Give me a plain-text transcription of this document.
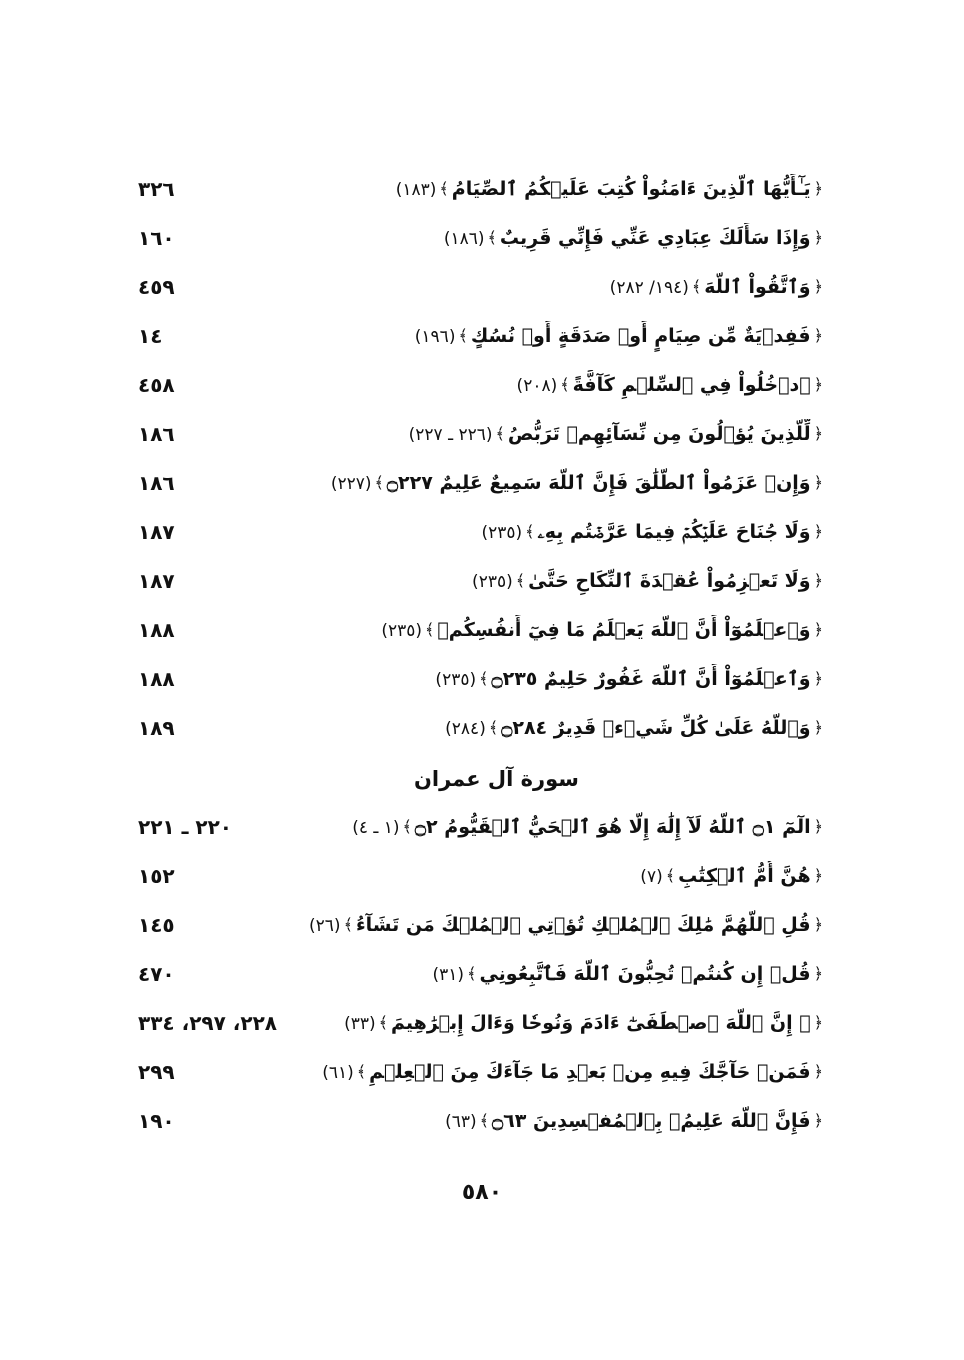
﴿يَـٰٓأَيُّهَا ٱلَّذِينَ ءَامَنُواْ كُتِبَ عَلَيۡكُمُ ٱلصِّيَامُ﴾(١٨٣)
٣٢٦
﴿وَإِذَا سَأَلَكَ عِبَادِي عَنِّي فَإِنِّي قَرِيبٌ﴾(١٨٦)
١٦٠
﴿وَٱتَّقُواْ ٱللَّهَ﴾(١٩٤/ ٢٨٢)
٤٥٩
﴿فَفِدۡيَةٌ مِّن صِيَامٍ أَوۡ صَدَقَةٍ أَوۡ نُسُكٍ﴾(١٩٦)
١٤
﴿ٱدۡخُلُواْ فِي ٱلسِّلۡمِ كَآفَّةً﴾(٢٠٨)
٤٥٨
﴿لِّلَّذِينَ يُؤۡلُونَ مِن نِّسَآئِهِمۡ تَرَبُّصُ﴾(٢٢٦ ـ ٢٢٧)
١٨٦
﴿وَإِنۡ عَزَمُواْ ٱلطَّلَٰقَ فَإِنَّ ٱللَّهَ سَمِيعٌ عَلِيمٌ ۝٢٢٧﴾(٢٢٧)
١٨٦
﴿وَلَا جُنَاحَ عَلَيۡكُمۡ فِيمَا عَرَّضۡتُم بِهِۦ﴾(٢٣٥)
١٨٧
﴿وَلَا تَعۡزِمُواْ عُقۡدَةَ ٱلنِّكَاحِ حَتَّىٰ﴾(٢٣٥)
١٨٧
﴿وَٱعۡلَمُوٓاْ أَنَّ ٱللَّهَ يَعۡلَمُ مَا فِيٓ أَنفُسِكُمۡ﴾(٢٣٥)
١٨٨
﴿وَٱعۡلَمُوٓاْ أَنَّ ٱللَّهَ غَفُورٌ حَلِيمٌ ۝٢٣٥﴾(٢٣٥)
١٨٨
﴿وَٱللَّهُ عَلَىٰ كُلِّ شَيۡءٖ قَدِيرٌ ۝٢٨٤﴾(٢٨٤)
١٨٩
سورة آل عمران
﴿الٓمٓ ۝١ ٱللَّهُ لَآ إِلَٰهَ إِلَّا هُوَ ٱلۡحَيُّ ٱلۡقَيُّومُ ۝٢﴾(١ ـ ٤)
٢٢٠ ـ ٢٢١
﴿هُنَّ أُمُّ ٱلۡكِتَٰبِ﴾(٧)
١٥٢
﴿قُلِ ٱللَّهُمَّ مَٰلِكَ ٱلۡمُلۡكِ تُؤۡتِي ٱلۡمُلۡكَ مَن تَشَآءُ﴾(٢٦)
١٤٥
﴿قُلۡ إِن كُنتُمۡ تُحِبُّونَ ٱللَّهَ فَٱتَّبِعُونِي﴾(٣١)
٤٧٠
﴿۞ إِنَّ ٱللَّهَ ٱصۡطَفَىٰٓ ءَادَمَ وَنُوحٗا وَءَالَ إِبۡرَٰهِيمَ﴾(٣٣)
٢٢٨، ٢٩٧، ٣٣٤
﴿فَمَنۡ حَآجَّكَ فِيهِ مِنۢ بَعۡدِ مَا جَآءَكَ مِنَ ٱلۡعِلۡمِ﴾(٦١)
٢٩٩
﴿فَإِنَّ ٱللَّهَ عَلِيمُۢ بِٱلۡمُفۡسِدِينَ ۝٦٣﴾(٦٣)
١٩٠
٥٨٠
